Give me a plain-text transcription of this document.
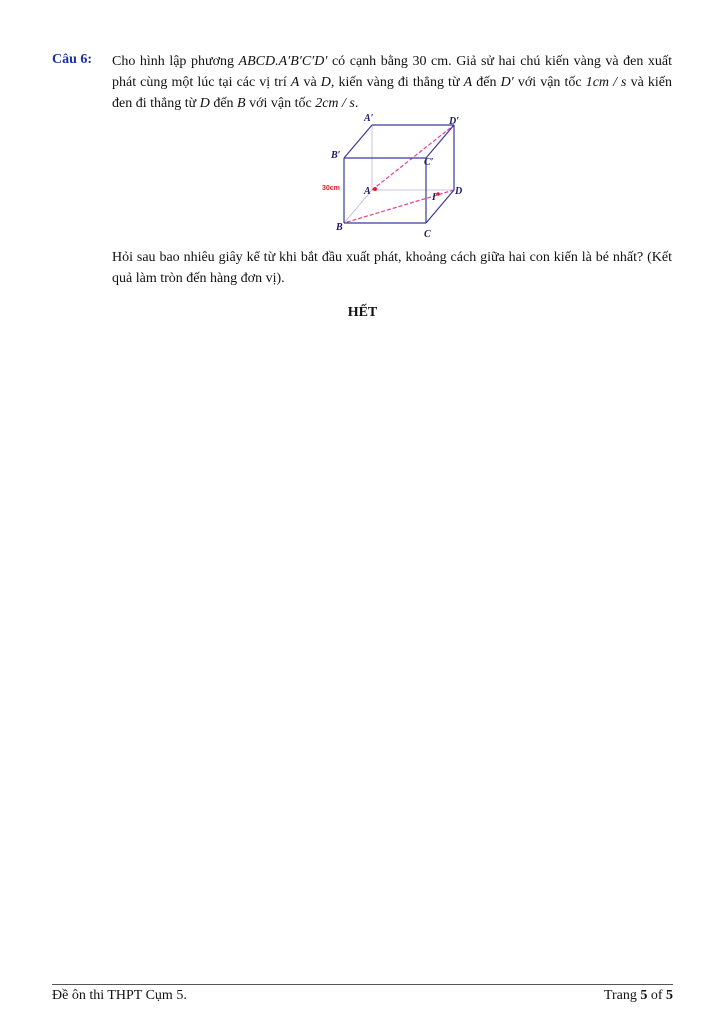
Câu 6: Cho hình lập phương ABCD.A′B′C′D′ có cạnh bằng 30 cm. Giả sử hai chú kiến vàng và đen xuất phát cùng một lúc tại các vị trí A và D, kiến vàng đi thẳng từ A đến D′ với vận tốc 1cm / s và kiến đen đi thẳng từ D đến B với vận tốc 2cm / s.
A′	D′
B′
C′
A	D
B
C
I
30cm
Hỏi sau bao nhiêu giây kể từ khi bắt đầu xuất phát, khoảng cách giữa hai con kiến là bé nhất? (Kết quả làm tròn đến hàng đơn vị).
HẾT
Đề ôn thi THPT Cụm 5.	Trang 5 of 5
